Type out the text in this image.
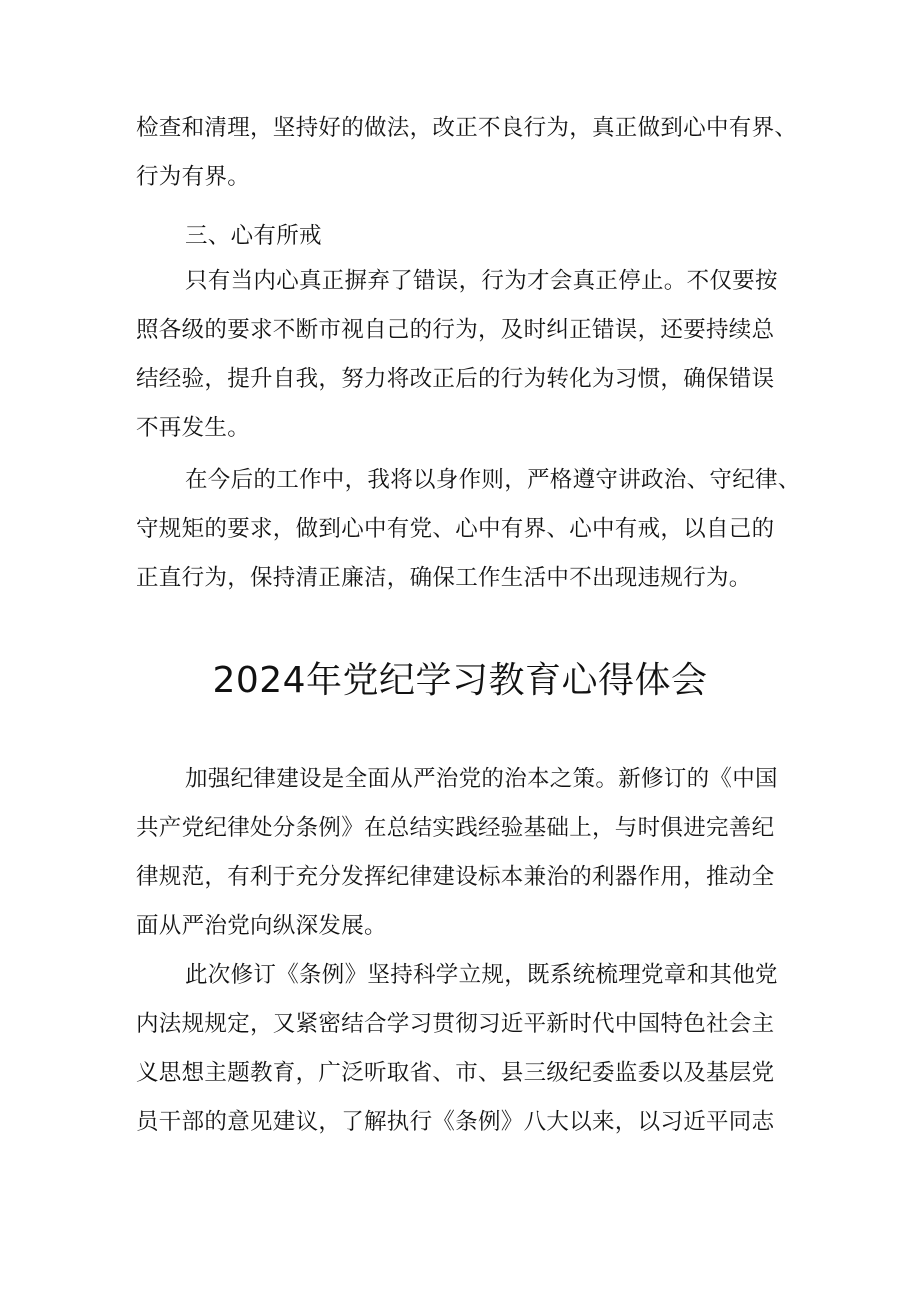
检查和清理，坚持好的做法，改正不良行为，真正做到心中有界、

行为有界。

三、心有所戒

只有当内心真正摒弃了错误，行为才会真正停止。不仅要按

照各级的要求不断市视自己的行为，及时纠正错误，还要持续总

结经验，提升自我，努力将改正后的行为转化为习惯，确保错误

不再发生。

在今后的工作中，我将以身作则，严格遵守讲政治、守纪律、

守规矩的要求，做到心中有党、心中有界、心中有戒，以自己的

正直行为，保持清正廉洁，确保工作生活中不出现违规行为。

2024年党纪学习教育心得体会

加强纪律建设是全面从严治党的治本之策。新修订的《中国

共产党纪律处分条例》在总结实践经验基础上，与时俱进完善纪

律规范，有利于充分发挥纪律建设标本兼治的利器作用，推动全

面从严治党向纵深发展。

此次修订《条例》坚持科学立规，既系统梳理党章和其他党

内法规规定，又紧密结合学习贯彻习近平新时代中国特色社会主

义思想主题教育，广泛听取省、市、县三级纪委监委以及基层党

员干部的意见建议，了解执行《条例》八大以来，以习近平同志
